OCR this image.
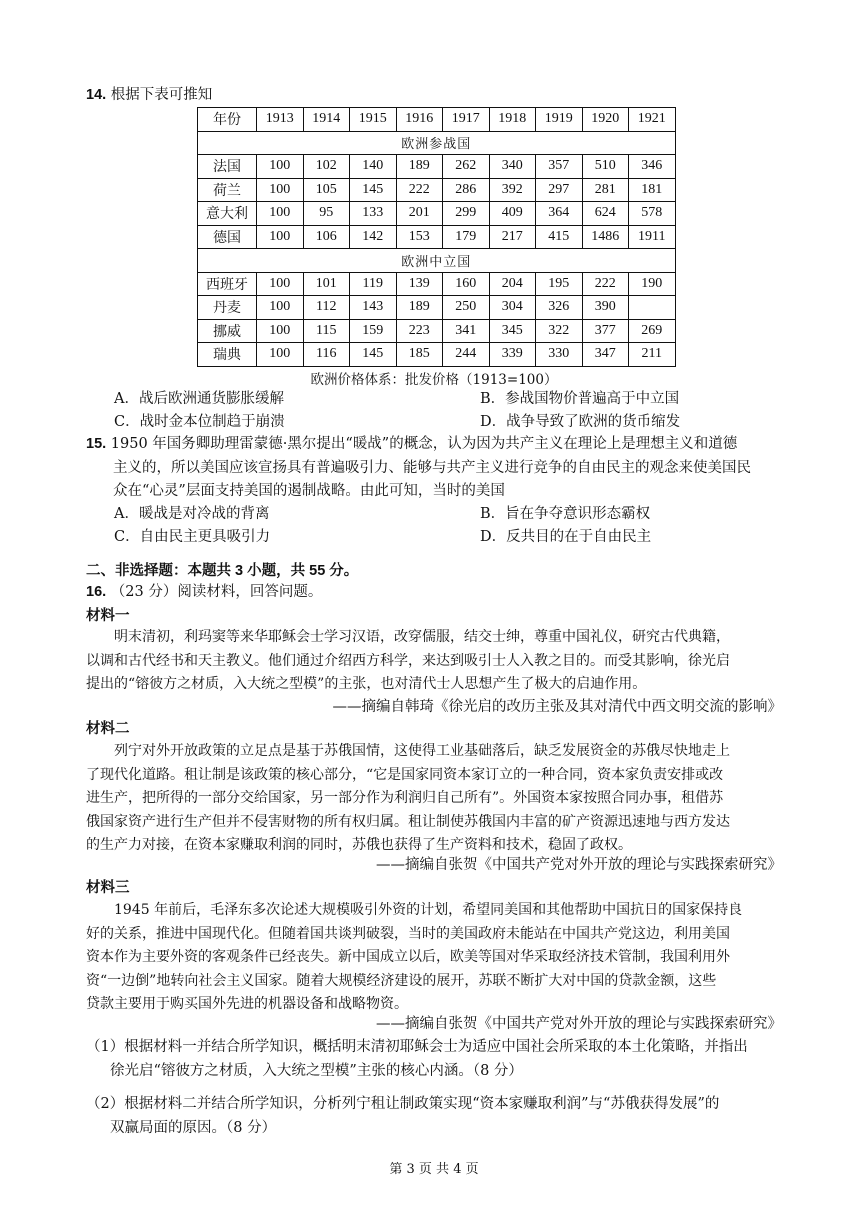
14. 根据下表可推知
年份	1913	1914	1915	1916	1917	1918	1919	1920	1921
欧洲参战国									
法国	100	102	140	189	262	340	357	510	346
荷兰	100	105	145	222	286	392	297	281	181
意大利	100	95	133	201	299	409	364	624	578
德国	100	106	142	153	179	217	415	1486	1911
欧洲中立国									
西班牙	100	101	119	139	160	204	195	222	190
丹麦	100	112	143	189	250	304	326	390	
挪威	100	115	159	223	341	345	322	377	269
瑞典	100	116	145	185	244	339	330	347	211
欧洲价格体系：批发价格（1913=100）
A．战后欧洲通货膨胀缓解	B．参战国物价普遍高于中立国
C．战时金本位制趋于崩溃	D．战争导致了欧洲的货币缩发
15. 1950 年国务卿助理雷蒙德·黑尔提出“暖战”的概念，认为因为共产主义在理论上是理想主义和道德
主义的，所以美国应该宣扬具有普遍吸引力、能够与共产主义进行竞争的自由民主的观念来使美国民
众在“心灵”层面支持美国的遏制战略。由此可知，当时的美国
A．暖战是对冷战的背离	B．旨在争夺意识形态霸权
C．自由民主更具吸引力	D．反共目的在于自由民主
二、非选择题：本题共 3 小题，共 55 分。
16. （23 分）阅读材料，回答问题。
材料一
明末清初，利玛窦等来华耶稣会士学习汉语，改穿儒服，结交士绅，尊重中国礼仪，研究古代典籍，
以调和古代经书和天主教义。他们通过介绍西方科学，来达到吸引士人入教之目的。而受其影响，徐光启
提出的“镕彼方之材质，入大统之型模”的主张，也对清代士人思想产生了极大的启迪作用。
——摘编自韩琦《徐光启的改历主张及其对清代中西文明交流的影响》
材料二
列宁对外开放政策的立足点是基于苏俄国情，这使得工业基础落后，缺乏发展资金的苏俄尽快地走上
了现代化道路。租让制是该政策的核心部分，“它是国家同资本家订立的一种合同，资本家负责安排或改
进生产，把所得的一部分交给国家，另一部分作为利润归自己所有”。外国资本家按照合同办事，租借苏
俄国家资产进行生产但并不侵害财物的所有权归属。租让制使苏俄国内丰富的矿产资源迅速地与西方发达
的生产力对接，在资本家赚取利润的同时，苏俄也获得了生产资料和技术，稳固了政权。
——摘编自张贺《中国共产党对外开放的理论与实践探索研究》
材料三
1945 年前后，毛泽东多次论述大规模吸引外资的计划，希望同美国和其他帮助中国抗日的国家保持良
好的关系，推进中国现代化。但随着国共谈判破裂，当时的美国政府未能站在中国共产党这边，利用美国
资本作为主要外资的客观条件已经丧失。新中国成立以后，欧美等国对华采取经济技术管制，我国利用外
资“一边倒”地转向社会主义国家。随着大规模经济建设的展开，苏联不断扩大对中国的贷款金额，这些
贷款主要用于购买国外先进的机器设备和战略物资。
——摘编自张贺《中国共产党对外开放的理论与实践探索研究》
（1）根据材料一并结合所学知识，概括明末清初耶稣会士为适应中国社会所采取的本土化策略，并指出
徐光启“镕彼方之材质，入大统之型模”主张的核心内涵。（8 分）
（2）根据材料二并结合所学知识，分析列宁租让制政策实现“资本家赚取利润”与“苏俄获得发展”的
双赢局面的原因。（8 分）
第 3 页 共 4 页
